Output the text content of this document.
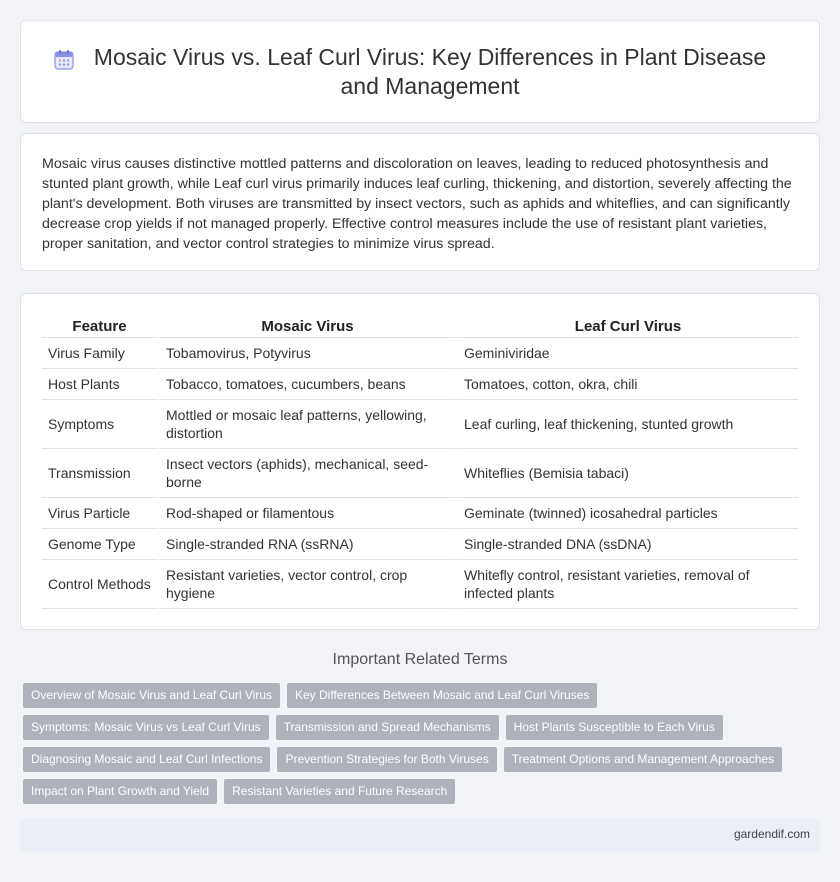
Mosaic Virus vs. Leaf Curl Virus: Key Differences in Plant Disease and Management

Mosaic virus causes distinctive mottled patterns and discoloration on leaves, leading to reduced photosynthesis and stunted plant growth, while Leaf curl virus primarily induces leaf curling, thickening, and distortion, severely affecting the plant's development. Both viruses are transmitted by insect vectors, such as aphids and whiteflies, and can significantly decrease crop yields if not managed properly. Effective control measures include the use of resistant plant varieties, proper sanitation, and vector control strategies to minimize virus spread.

Feature	Mosaic Virus	Leaf Curl Virus
Virus Family	Tobamovirus, Potyvirus	Geminiviridae
Host Plants	Tobacco, tomatoes, cucumbers, beans	Tomatoes, cotton, okra, chili
Symptoms	Mottled or mosaic leaf patterns, yellowing, distortion	Leaf curling, leaf thickening, stunted growth
Transmission	Insect vectors (aphids), mechanical, seed-borne	Whiteflies (Bemisia tabaci)
Virus Particle	Rod-shaped or filamentous	Geminate (twinned) icosahedral particles
Genome Type	Single-stranded RNA (ssRNA)	Single-stranded DNA (ssDNA)
Control Methods	Resistant varieties, vector control, crop hygiene	Whitefly control, resistant varieties, removal of infected plants
Important Related Terms
Overview of Mosaic Virus and Leaf Curl Virus	Key Differences Between Mosaic and Leaf Curl Viruses
Symptoms: Mosaic Virus vs Leaf Curl Virus	Transmission and Spread Mechanisms	Host Plants Susceptible to Each Virus
Diagnosing Mosaic and Leaf Curl Infections	Prevention Strategies for Both Viruses	Treatment Options and Management Approaches
Impact on Plant Growth and Yield	Resistant Varieties and Future Research
gardendif.com
